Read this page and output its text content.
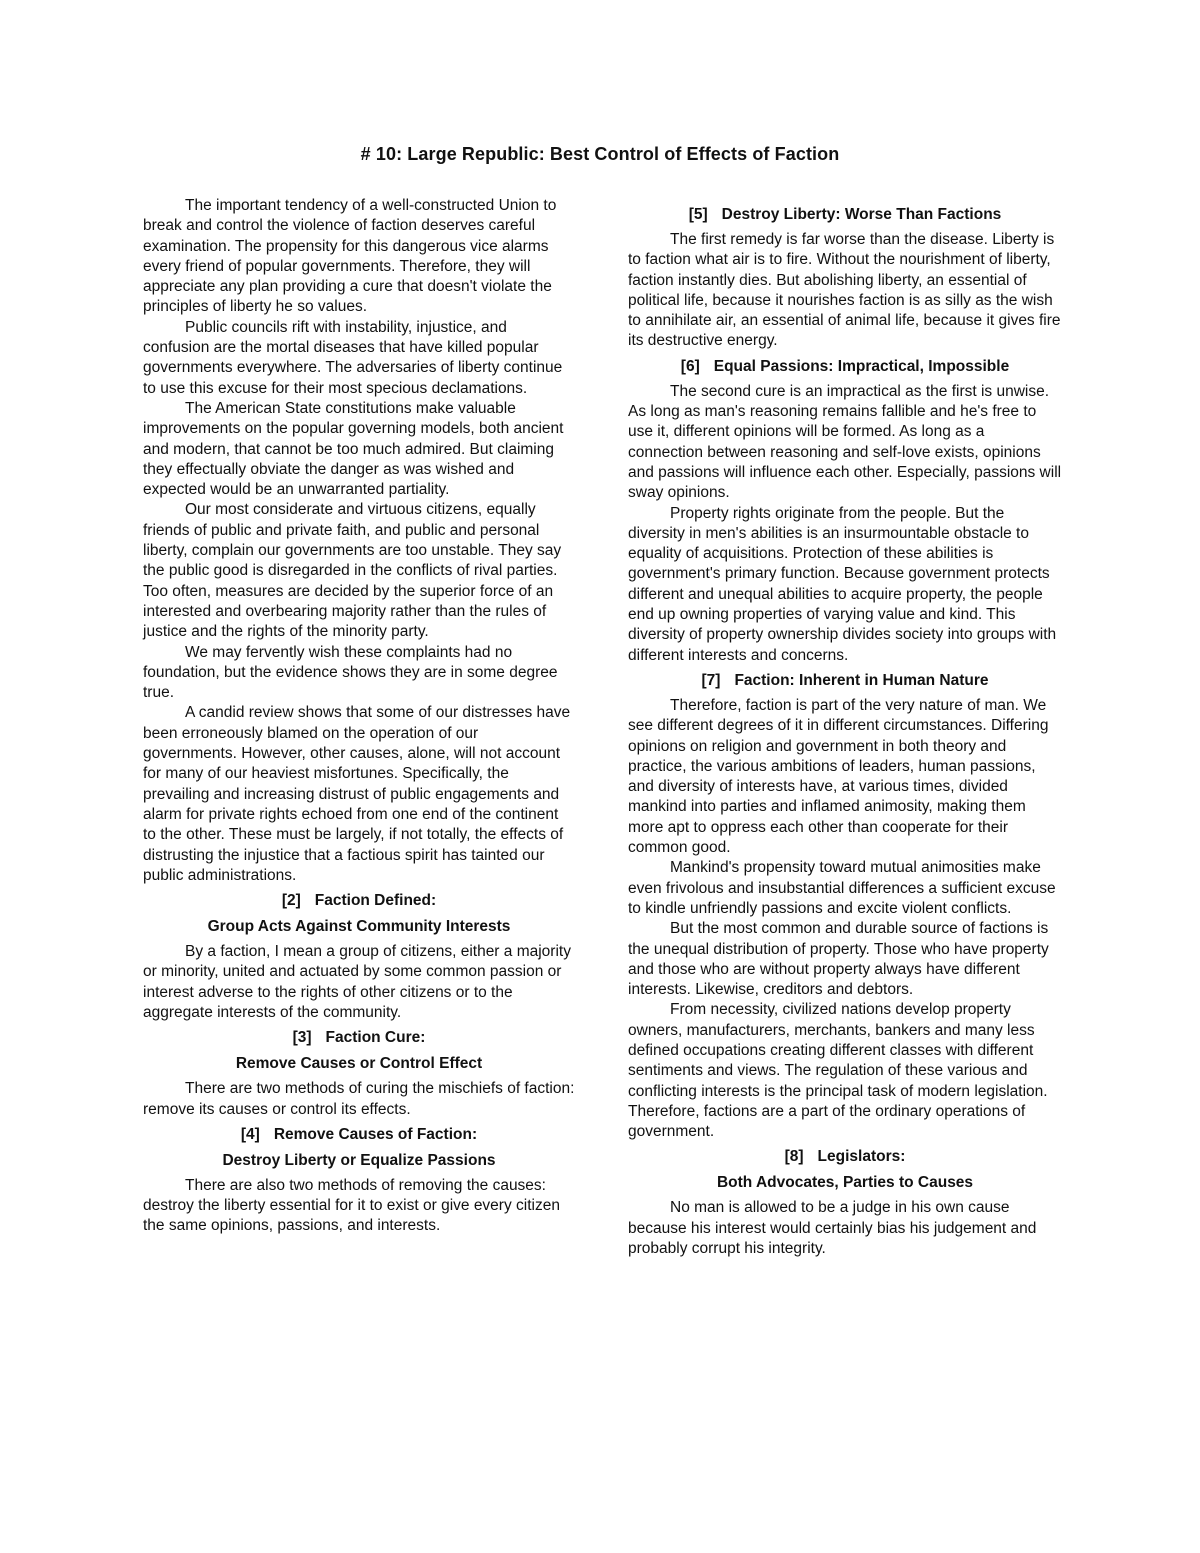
# 10: Large Republic: Best Control of Effects of Faction

The important tendency of a well-constructed Union to break and control the violence of faction deserves careful examination. The propensity for this dangerous vice alarms every friend of popular governments. Therefore, they will appreciate any plan providing a cure that doesn't violate the principles of liberty he so values.

Public councils rift with instability, injustice, and confusion are the mortal diseases that have killed popular governments everywhere. The adversaries of liberty continue to use this excuse for their most specious declamations.

The American State constitutions make valuable improvements on the popular governing models, both ancient and modern, that cannot be too much admired. But claiming they effectually obviate the danger as was wished and expected would be an unwarranted partiality.

Our most considerate and virtuous citizens, equally friends of public and private faith, and public and personal liberty, complain our governments are too unstable. They say the public good is disregarded in the conflicts of rival parties. Too often, measures are decided by the superior force of an interested and overbearing majority rather than the rules of justice and the rights of the minority party.

We may fervently wish these complaints had no foundation, but the evidence shows they are in some degree true.

A candid review shows that some of our distresses have been erroneously blamed on the operation of our governments. However, other causes, alone, will not account for many of our heaviest misfortunes. Specifically, the prevailing and increasing distrust of public engagements and alarm for private rights echoed from one end of the continent to the other. These must be largely, if not totally, the effects of distrusting the injustice that a factious spirit has tainted our public administrations.

[2] Faction Defined:
Group Acts Against Community Interests

By a faction, I mean a group of citizens, either a majority or minority, united and actuated by some common passion or interest adverse to the rights of other citizens or to the aggregate interests of the community.

[3] Faction Cure:
Remove Causes or Control Effect

There are two methods of curing the mischiefs of faction: remove its causes or control its effects.

[4] Remove Causes of Faction:
Destroy Liberty or Equalize Passions

There are also two methods of removing the causes: destroy the liberty essential for it to exist or give every citizen the same opinions, passions, and interests.

[5] Destroy Liberty: Worse Than Factions

The first remedy is far worse than the disease. Liberty is to faction what air is to fire. Without the nourishment of liberty, faction instantly dies. But abolishing liberty, an essential of political life, because it nourishes faction is as silly as the wish to annihilate air, an essential of animal life, because it gives fire its destructive energy.

[6] Equal Passions: Impractical, Impossible

The second cure is an impractical as the first is unwise. As long as man's reasoning remains fallible and he's free to use it, different opinions will be formed. As long as a connection between reasoning and self-love exists, opinions and passions will influence each other. Especially, passions will sway opinions.

Property rights originate from the people. But the diversity in men's abilities is an insurmountable obstacle to equality of acquisitions. Protection of these abilities is government's primary function. Because government protects different and unequal abilities to acquire property, the people end up owning properties of varying value and kind. This diversity of property ownership divides society into groups with different interests and concerns.

[7] Faction: Inherent in Human Nature

Therefore, faction is part of the very nature of man. We see different degrees of it in different circumstances. Differing opinions on religion and government in both theory and practice, the various ambitions of leaders, human passions, and diversity of interests have, at various times, divided mankind into parties and inflamed animosity, making them more apt to oppress each other than cooperate for their common good.

Mankind's propensity toward mutual animosities make even frivolous and insubstantial differences a sufficient excuse to kindle unfriendly passions and excite violent conflicts.

But the most common and durable source of factions is the unequal distribution of property. Those who have property and those who are without property always have different interests. Likewise, creditors and debtors.

From necessity, civilized nations develop property owners, manufacturers, merchants, bankers and many less defined occupations creating different classes with different sentiments and views. The regulation of these various and conflicting interests is the principal task of modern legislation. Therefore, factions are a part of the ordinary operations of government.

[8] Legislators:
Both Advocates, Parties to Causes

No man is allowed to be a judge in his own cause because his interest would certainly bias his judgement and probably corrupt his integrity.
